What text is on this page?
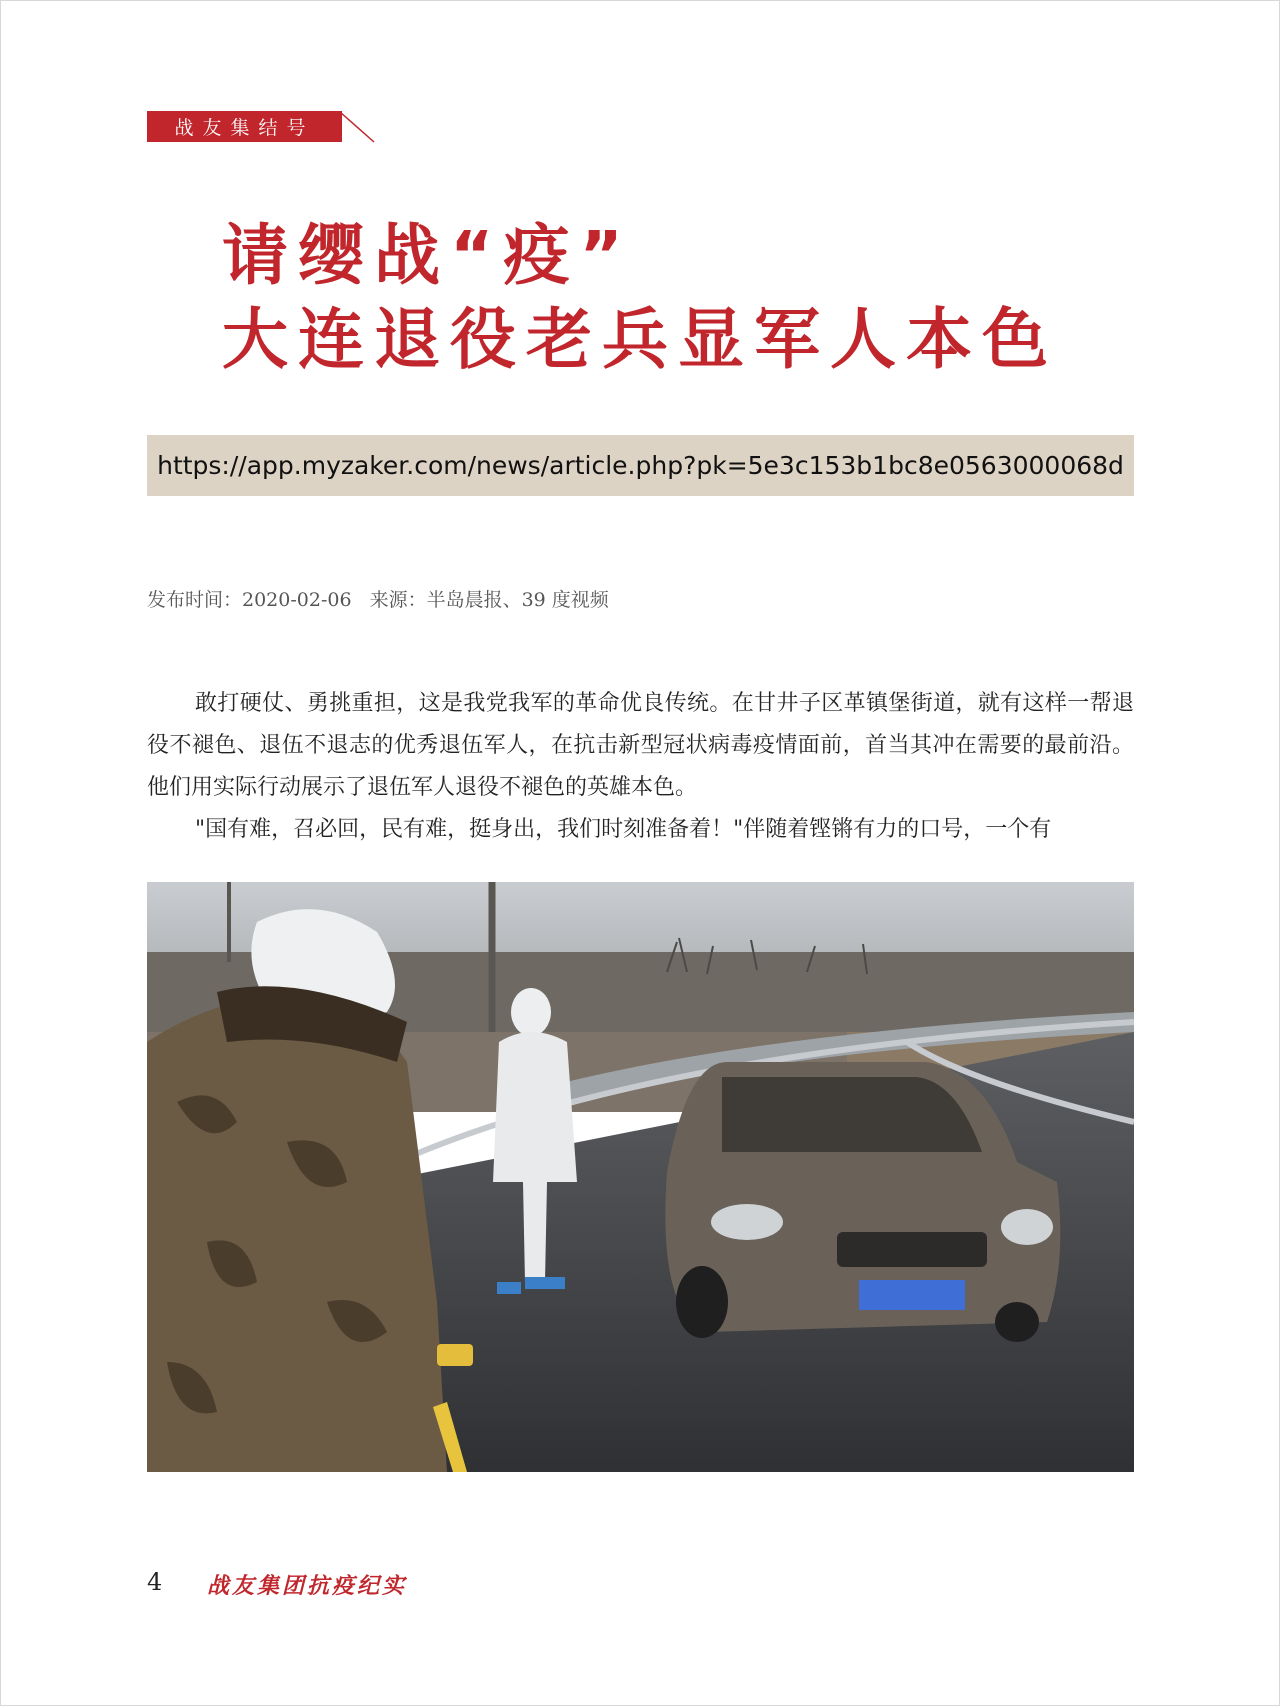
战友集结号
请缨战“疫”
大连退役老兵显军人本色
https://app.myzaker.com/news/article.php?pk=5e3c153b1bc8e0563000068d
发布时间：2020-02-06 来源：半岛晨报、39 度视频

敢打硬仗、勇挑重担，这是我党我军的革命优良传统。在甘井子区革镇堡街道，就有这样一帮退役不褪色、退伍不退志的优秀退伍军人，在抗击新型冠状病毒疫情面前，首当其冲在需要的最前沿。他们用实际行动展示了退伍军人退役不褪色的英雄本色。

"国有难，召必回，民有难，挺身出，我们时刻准备着！"伴随着铿锵有力的口号，一个有

4 战友集团抗疫纪实
